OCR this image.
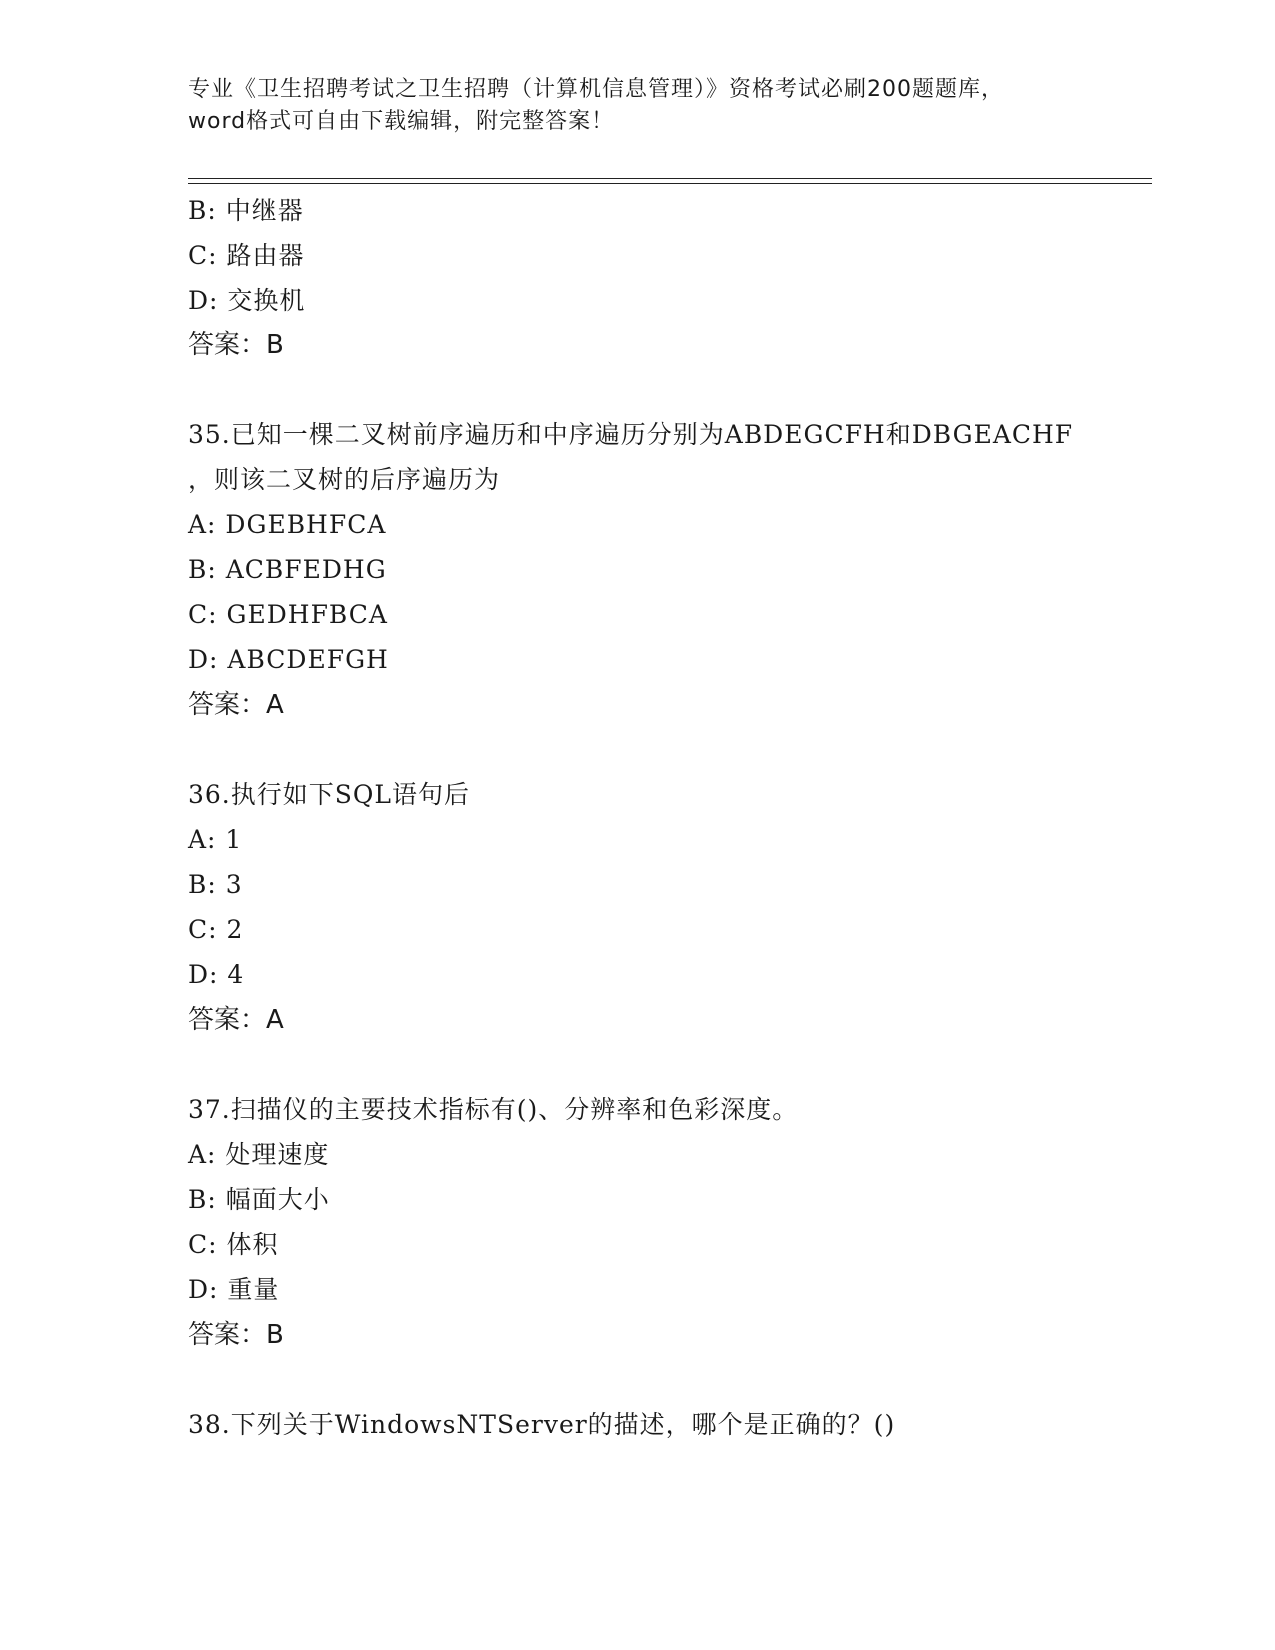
专业《卫生招聘考试之卫生招聘（计算机信息管理）》资格考试必刷200题题库，
word格式可自由下载编辑，附完整答案！
B: 中继器
C: 路由器
D: 交换机
答案：B
35.已知一棵二叉树前序遍历和中序遍历分别为ABDEGCFH和DBGEACHF
，则该二叉树的后序遍历为
A: DGEBHFCA
B: ACBFEDHG
C: GEDHFBCA
D: ABCDEFGH
答案：A
36.执行如下SQL语句后
A: 1
B: 3
C: 2
D: 4
答案：A
37.扫描仪的主要技术指标有()、分辨率和色彩深度。
A: 处理速度
B: 幅面大小
C: 体积
D: 重量
答案：B
38.下列关于WindowsNTServer的描述，哪个是正确的？()
